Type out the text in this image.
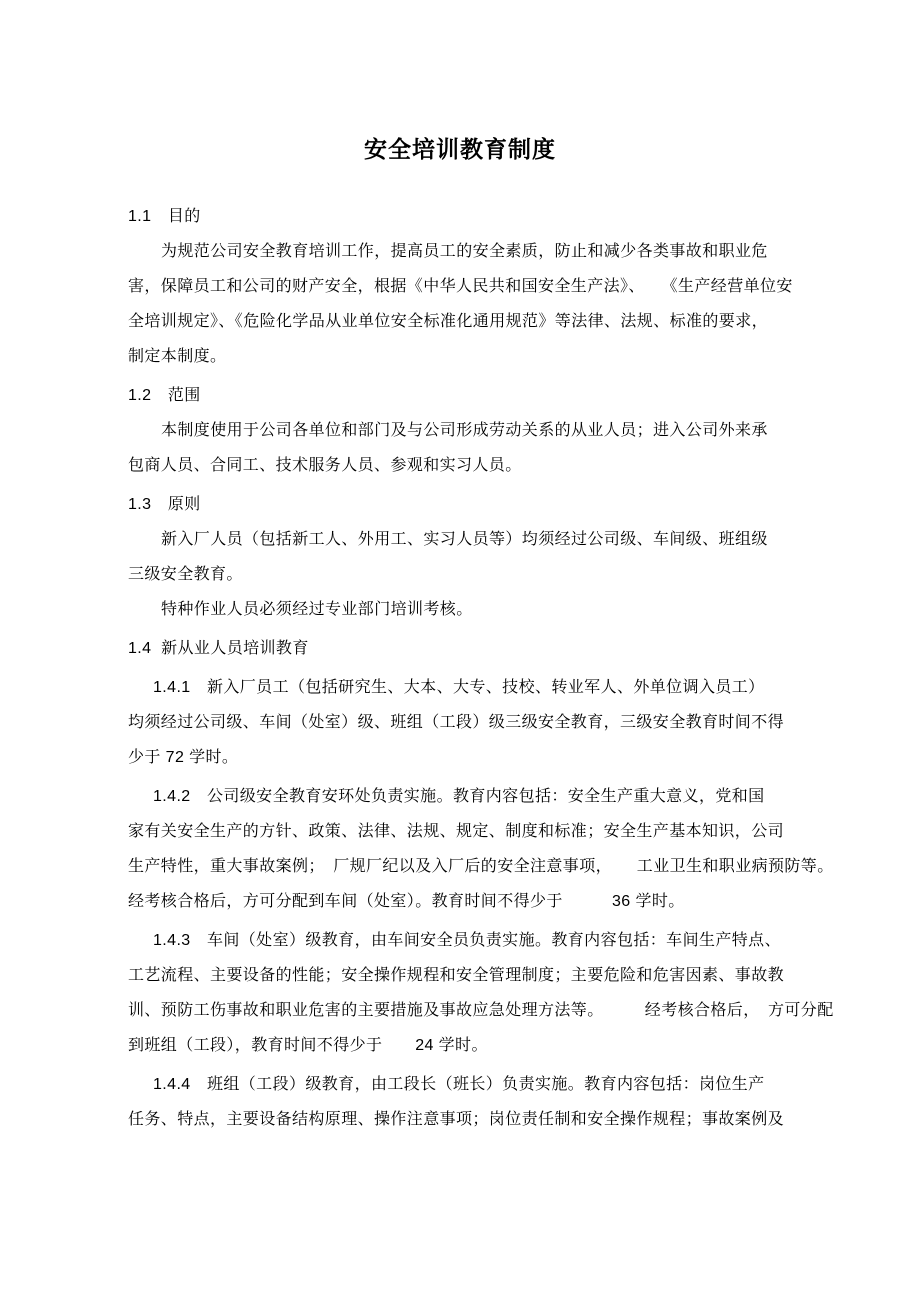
安全培训教育制度
1.1　目的
为规范公司安全教育培训工作，提高员工的安全素质，防止和减少各类事故和职业危
害，保障员工和公司的财产安全，根据《中华人民共和国安全生产法》、　　《生产经营单位安
全培训规定》、《危险化学品从业单位安全标准化通用规范》等法律、法规、标准的要求，
制定本制度。
1.2　范围
本制度使用于公司各单位和部门及与公司形成劳动关系的从业人员；进入公司外来承
包商人员、合同工、技术服务人员、参观和实习人员。
1.3　原则
新入厂人员（包括新工人、外用工、实习人员等）均须经过公司级、车间级、班组级
三级安全教育。
特种作业人员必须经过专业部门培训考核。
1.4  新从业人员培训教育
1.4.1　新入厂员工（包括研究生、大本、大专、技校、转业军人、外单位调入员工）
均须经过公司级、车间（处室）级、班组（工段）级三级安全教育，三级安全教育时间不得
少于 72 学时。
1.4.2　公司级安全教育安环处负责实施。教育内容包括：安全生产重大意义，党和国
家有关安全生产的方针、政策、法律、法规、规定、制度和标准；安全生产基本知识，公司
生产特性，重大事故案例；　厂规厂纪以及入厂后的安全注意事项，　　工业卫生和职业病预防等。
经考核合格后，方可分配到车间（处室）。教育时间不得少于　　　36 学时。
1.4.3　车间（处室）级教育，由车间安全员负责实施。教育内容包括：车间生产特点、
工艺流程、主要设备的性能；安全操作规程和安全管理制度；主要危险和危害因素、事故教
训、预防工伤事故和职业危害的主要措施及事故应急处理方法等。　　　经考核合格后，　方可分配
到班组（工段），教育时间不得少于　　24 学时。
1.4.4　班组（工段）级教育，由工段长（班长）负责实施。教育内容包括：岗位生产
任务、特点，主要设备结构原理、操作注意事项；岗位责任制和安全操作规程；事故案例及
